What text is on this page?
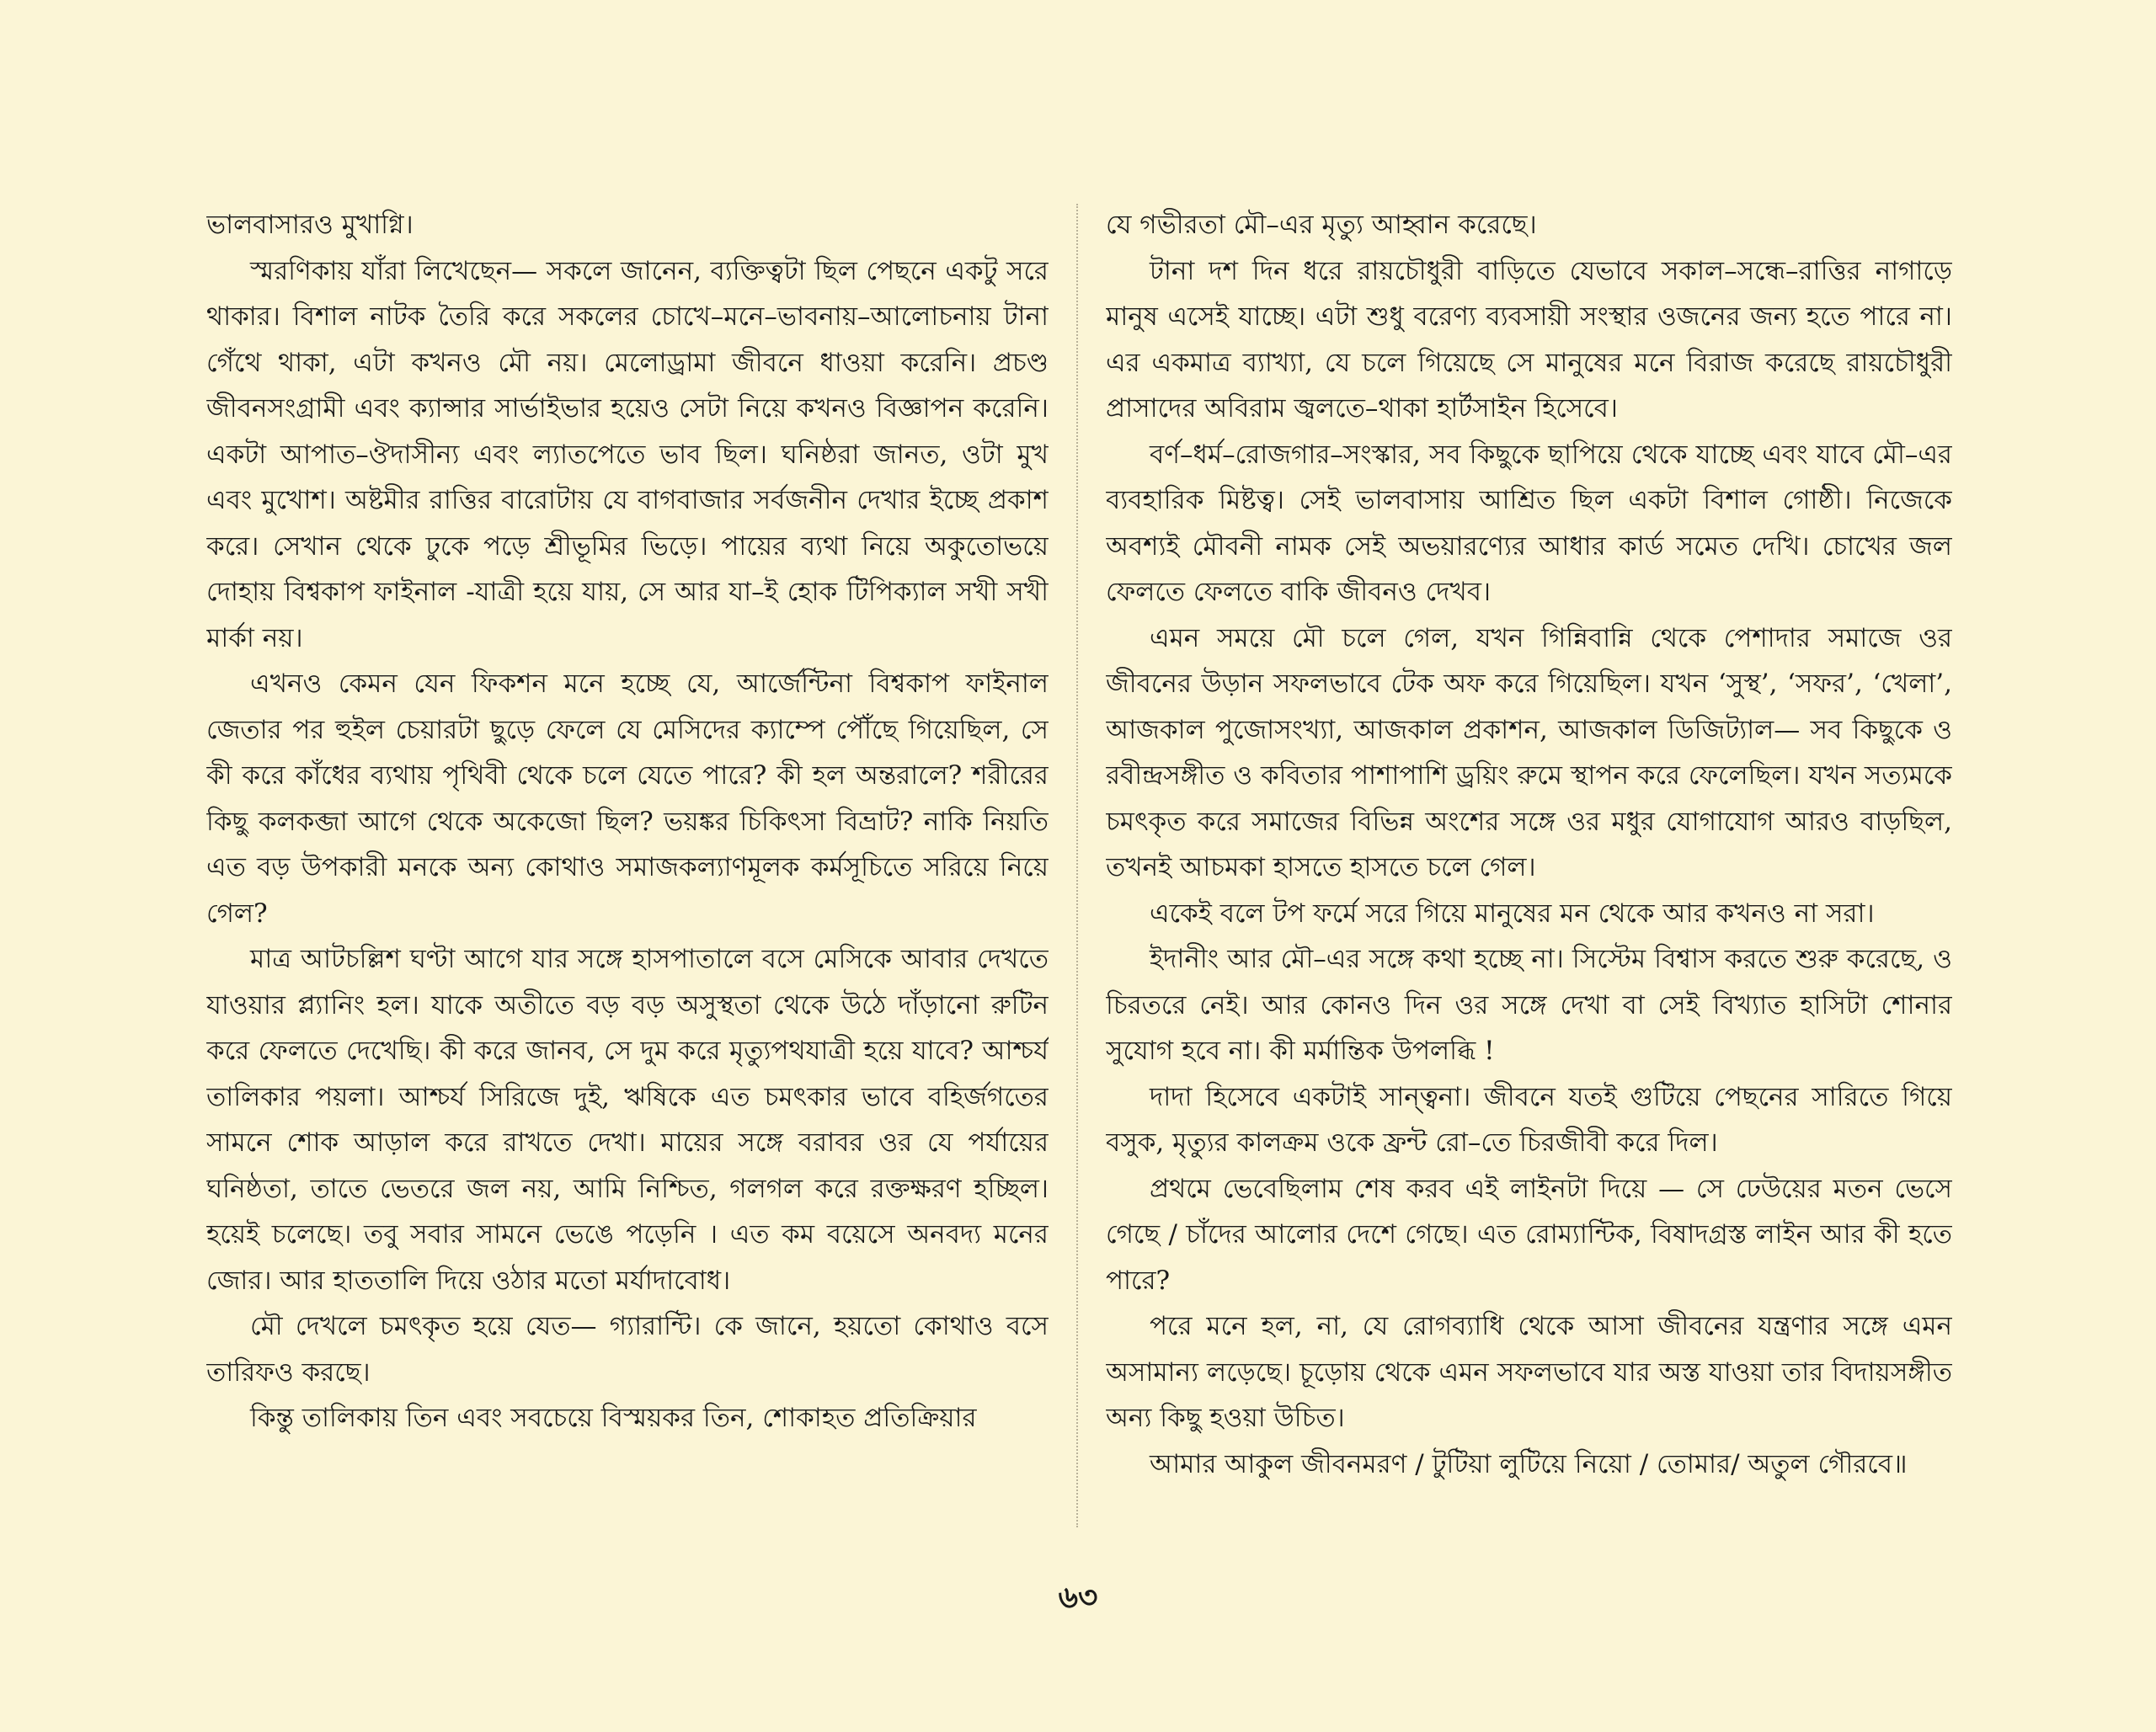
ভালবাসারও মুখাগ্নি।

স্মরণিকায় যাঁরা লিখেছেন— সকলে জানেন, ব্যক্তিত্বটা ছিল পেছনে একটু সরে থাকার। বিশাল নাটক তৈরি করে সকলের চোখে–মনে–ভাবনায়–আলোচনায় টানা গেঁথে থাকা, এটা কখনও মৌ নয়। মেলোড্রামা জীবনে ধাওয়া করেনি। প্রচণ্ড জীবনসংগ্রামী এবং ক্যান্সার সার্ভাইভার হয়েও সেটা নিয়ে কখনও বিজ্ঞাপন করেনি। একটা আপাত–ঔদাসীন্য এবং ল্যাতপেতে ভাব ছিল। ঘনিষ্ঠরা জানত, ওটা মুখ এবং মুখোশ। অষ্টমীর রাত্তির বারোটায় যে বাগবাজার সর্বজনীন দেখার ইচ্ছে প্রকাশ করে। সেখান থেকে ঢুকে পড়ে শ্রীভূমির ভিড়ে। পায়ের ব্যথা নিয়ে অকুতোভয়ে দোহায় বিশ্বকাপ ফাইনাল -যাত্রী হয়ে যায়, সে আর যা–ই হোক টিপিক্যাল সখী সখী মার্কা নয়।

এখনও কেমন যেন ফিকশন মনে হচ্ছে যে, আর্জেন্টিনা বিশ্বকাপ ফাইনাল জেতার পর হুইল চেয়ারটা ছুড়ে ফেলে যে মেসিদের ক্যাম্পে পৌঁছে গিয়েছিল, সে কী করে কাঁধের ব্যথায় পৃথিবী থেকে চলে যেতে পারে? কী হল অন্তরালে? শরীরের কিছু কলকব্জা আগে থেকে অকেজো ছিল? ভয়ঙ্কর চিকিৎসা বিভ্রাট? নাকি নিয়তি এত বড় উপকারী মনকে অন্য কোথাও সমাজকল্যাণমূলক কর্মসূচিতে সরিয়ে নিয়ে গেল?

মাত্র আটচল্লিশ ঘণ্টা আগে যার সঙ্গে হাসপাতালে বসে মেসিকে আবার দেখতে যাওয়ার প্ল্যানিং হল। যাকে অতীতে বড় বড় অসুস্থতা থেকে উঠে দাঁড়ানো রুটিন করে ফেলতে দেখেছি। কী করে জানব, সে দুম করে মৃত্যুপথযাত্রী হয়ে যাবে? আশ্চর্য তালিকার পয়লা। আশ্চর্য সিরিজে দুই, ঋষিকে এত চমৎকার ভাবে বহির্জগতের সামনে শোক আড়াল করে রাখতে দেখা। মায়ের সঙ্গে বরাবর ওর যে পর্যায়ের ঘনিষ্ঠতা, তাতে ভেতরে জল নয়, আমি নিশ্চিত, গলগল করে রক্তক্ষরণ হচ্ছিল। হয়েই চলেছে। তবু সবার সামনে ভেঙে পড়েনি । এত কম বয়েসে অনবদ্য মনের জোর। আর হাততালি দিয়ে ওঠার মতো মর্যাদাবোধ।

মৌ দেখলে চমৎকৃত হয়ে যেত— গ্যারান্টি। কে জানে, হয়তো কোথাও বসে তারিফও করছে।

কিন্তু তালিকায় তিন এবং সবচেয়ে বিস্ময়কর তিন, শোকাহত প্রতিক্রিয়ার

যে গভীরতা মৌ–এর মৃত্যু আহ্বান করেছে।

টানা দশ দিন ধরে রায়চৌধুরী বাড়িতে যেভাবে সকাল–সন্ধে–রাত্তির নাগাড়ে মানুষ এসেই যাচ্ছে। এটা শুধু বরেণ্য ব্যবসায়ী সংস্থার ওজনের জন্য হতে পারে না। এর একমাত্র ব্যাখ্যা, যে চলে গিয়েছে সে মানুষের মনে বিরাজ করেছে রায়চৌধুরী প্রাসাদের অবিরাম জ্বলতে–থাকা হার্টসাইন হিসেবে।

বর্ণ–ধর্ম–রোজগার–সংস্কার, সব কিছুকে ছাপিয়ে থেকে যাচ্ছে এবং যাবে মৌ–এর ব্যবহারিক মিষ্টত্ব। সেই ভালবাসায় আশ্রিত ছিল একটা বিশাল গোষ্ঠী। নিজেকে অবশ্যই মৌবনী নামক সেই অভয়ারণ্যের আধার কার্ড সমেত দেখি। চোখের জল ফেলতে ফেলতে বাকি জীবনও দেখব।

এমন সময়ে মৌ চলে গেল, যখন গিন্নিবান্নি থেকে পেশাদার সমাজে ওর জীবনের উড়ান সফলভাবে টেক অফ করে গিয়েছিল। যখন ‘সুস্থ’, ‘সফর’, ‘খেলা’, আজকাল পুজোসংখ্যা, আজকাল প্রকাশন, আজকাল ডিজিট্যাল— সব কিছুকে ও রবীন্দ্রসঙ্গীত ও কবিতার পাশাপাশি ড্রয়িং রুমে স্থাপন করে ফেলেছিল। যখন সত্যমকে চমৎকৃত করে সমাজের বিভিন্ন অংশের সঙ্গে ওর মধুর যোগাযোগ আরও বাড়ছিল, তখনই আচমকা হাসতে হাসতে চলে গেল।

একেই বলে টপ ফর্মে সরে গিয়ে মানুষের মন থেকে আর কখনও না সরা।

ইদানীং আর মৌ–এর সঙ্গে কথা হচ্ছে না। সিস্টেম বিশ্বাস করতে শুরু করেছে, ও চিরতরে নেই। আর কোনও দিন ওর সঙ্গে দেখা বা সেই বিখ্যাত হাসিটা শোনার সুযোগ হবে না। কী মর্মান্তিক উপলব্ধি !

দাদা হিসেবে একটাই সান্ত্বনা। জীবনে যতই গুটিয়ে পেছনের সারিতে গিয়ে বসুক, মৃত্যুর কালক্রম ওকে ফ্রন্ট রো–তে চিরজীবী করে দিল।

প্রথমে ভেবেছিলাম শেষ করব এই লাইনটা দিয়ে — সে ঢেউয়ের মতন ভেসে গেছে / চাঁদের আলোর দেশে গেছে। এত রোম্যান্টিক, বিষাদগ্রস্ত লাইন আর কী হতে পারে?

পরে মনে হল, না, যে রোগব্যাধি থেকে আসা জীবনের যন্ত্রণার সঙ্গে এমন অসামান্য লড়েছে। চূড়োয় থেকে এমন সফলভাবে যার অস্ত যাওয়া তার বিদায়সঙ্গীত অন্য কিছু হওয়া উচিত।

আমার আকুল জীবনমরণ / টুটিয়া লুটিয়ে নিয়ো / তোমার/ অতুল গৌরবে॥

৬৩
